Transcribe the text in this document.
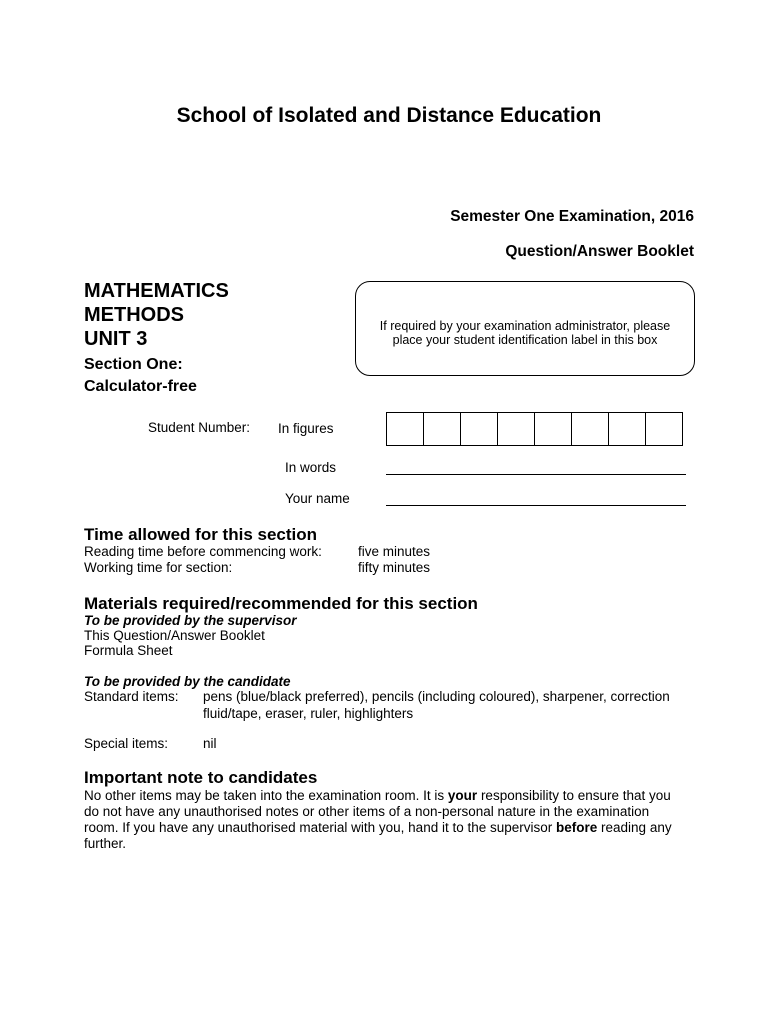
School of Isolated and Distance Education
Semester One Examination, 2016
Question/Answer Booklet
MATHEMATICS
METHODS
UNIT 3
Section One:
Calculator-free
If required by your examination administrator, please place your student identification label in this box
Student Number: In figures
In words
Your name
Time allowed for this section
Reading time before commencing work:	five minutes
Working time for section:	fifty minutes
Materials required/recommended for this section
To be provided by the supervisor
This Question/Answer Booklet
Formula Sheet
To be provided by the candidate
Standard items: pens (blue/black preferred), pencils (including coloured), sharpener, correction
fluid/tape, eraser, ruler, highlighters
Special items:	nil
Important note to candidates
No other items may be taken into the examination room. It is your responsibility to ensure that you do not have any unauthorised notes or other items of a non-personal nature in the examination room. If you have any unauthorised material with you, hand it to the supervisor before reading any further.
